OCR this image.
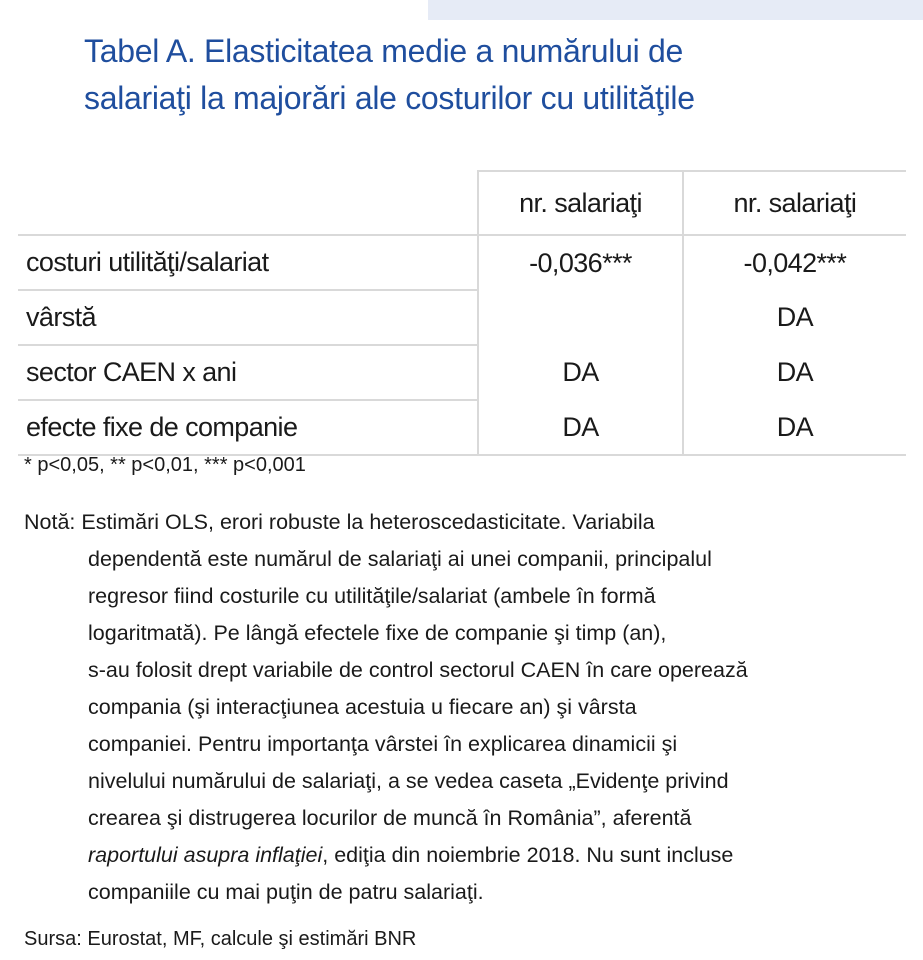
Tabel A. Elasticitatea medie a numărului de
salariaţi la majorări ale costurilor cu utilităţile
	nr. salariaţi	nr. salariaţi
costuri utilităţi/salariat	-0,036***	-0,042***
vârstă		DA
sector CAEN x ani	DA	DA
efecte fixe de companie	DA	DA
* p<0,05, ** p<0,01, *** p<0,001
Notă: Estimări OLS, erori robuste la heteroscedasticitate. Variabila
dependentă este numărul de salariaţi ai unei companii, principalul
regresor fiind costurile cu utilităţile/salariat (ambele în formă
logaritmată). Pe lângă efectele fixe de companie şi timp (an),
s-au folosit drept variabile de control sectorul CAEN în care operează
compania (şi interacţiunea acestuia u fiecare an) şi vârsta
companiei. Pentru importanţa vârstei în explicarea dinamicii şi
nivelului numărului de salariaţi, a se vedea caseta „Evidenţe privind
crearea şi distrugerea locurilor de muncă în România”, aferentă
raportului asupra inflaţiei, ediţia din noiembrie 2018. Nu sunt incluse
companiile cu mai puţin de patru salariaţi.
Sursa: Eurostat, MF, calcule şi estimări BNR
